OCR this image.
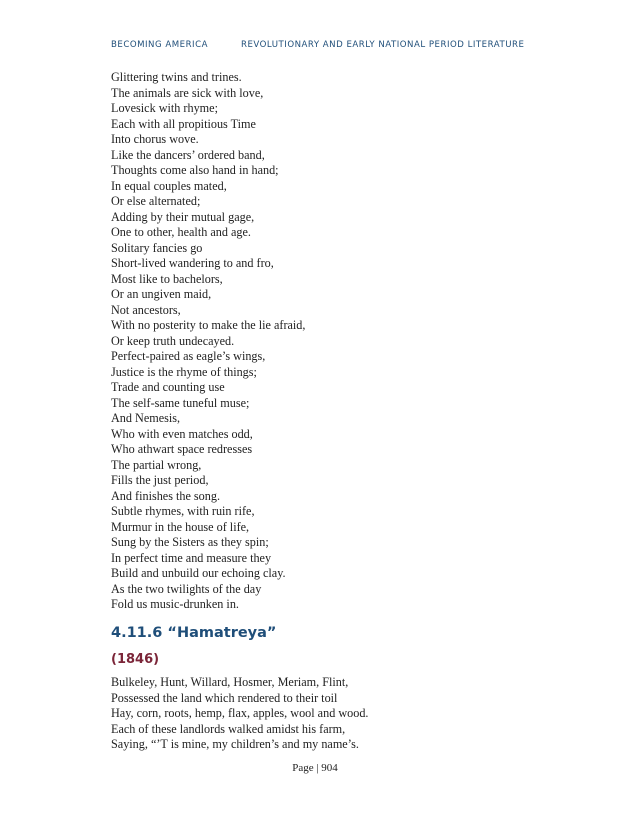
BECOMING AMERICA	REVOLUTIONARY AND EARLY NATIONAL PERIOD LITERATURE
Glittering twins and trines.
The animals are sick with love,
Lovesick with rhyme;
Each with all propitious Time
Into chorus wove.
Like the dancers’ ordered band,
Thoughts come also hand in hand;
In equal couples mated,
Or else alternated;
Adding by their mutual gage,
One to other, health and age.
Solitary fancies go
Short-lived wandering to and fro,
Most like to bachelors,
Or an ungiven maid,
Not ancestors,
With no posterity to make the lie afraid,
Or keep truth undecayed.
Perfect-paired as eagle’s wings,
Justice is the rhyme of things;
Trade and counting use
The self-same tuneful muse;
And Nemesis,
Who with even matches odd,
Who athwart space redresses
The partial wrong,
Fills the just period,
And finishes the song.
Subtle rhymes, with ruin rife,
Murmur in the house of life,
Sung by the Sisters as they spin;
In perfect time and measure they
Build and unbuild our echoing clay.
As the two twilights of the day
Fold us music-drunken in.
4.11.6 “Hamatreya”
(1846)
Bulkeley, Hunt, Willard, Hosmer, Meriam, Flint,
Possessed the land which rendered to their toil
Hay, corn, roots, hemp, flax, apples, wool and wood.
Each of these landlords walked amidst his farm,
Saying, “’T is mine, my children’s and my name’s.
Page | 904
